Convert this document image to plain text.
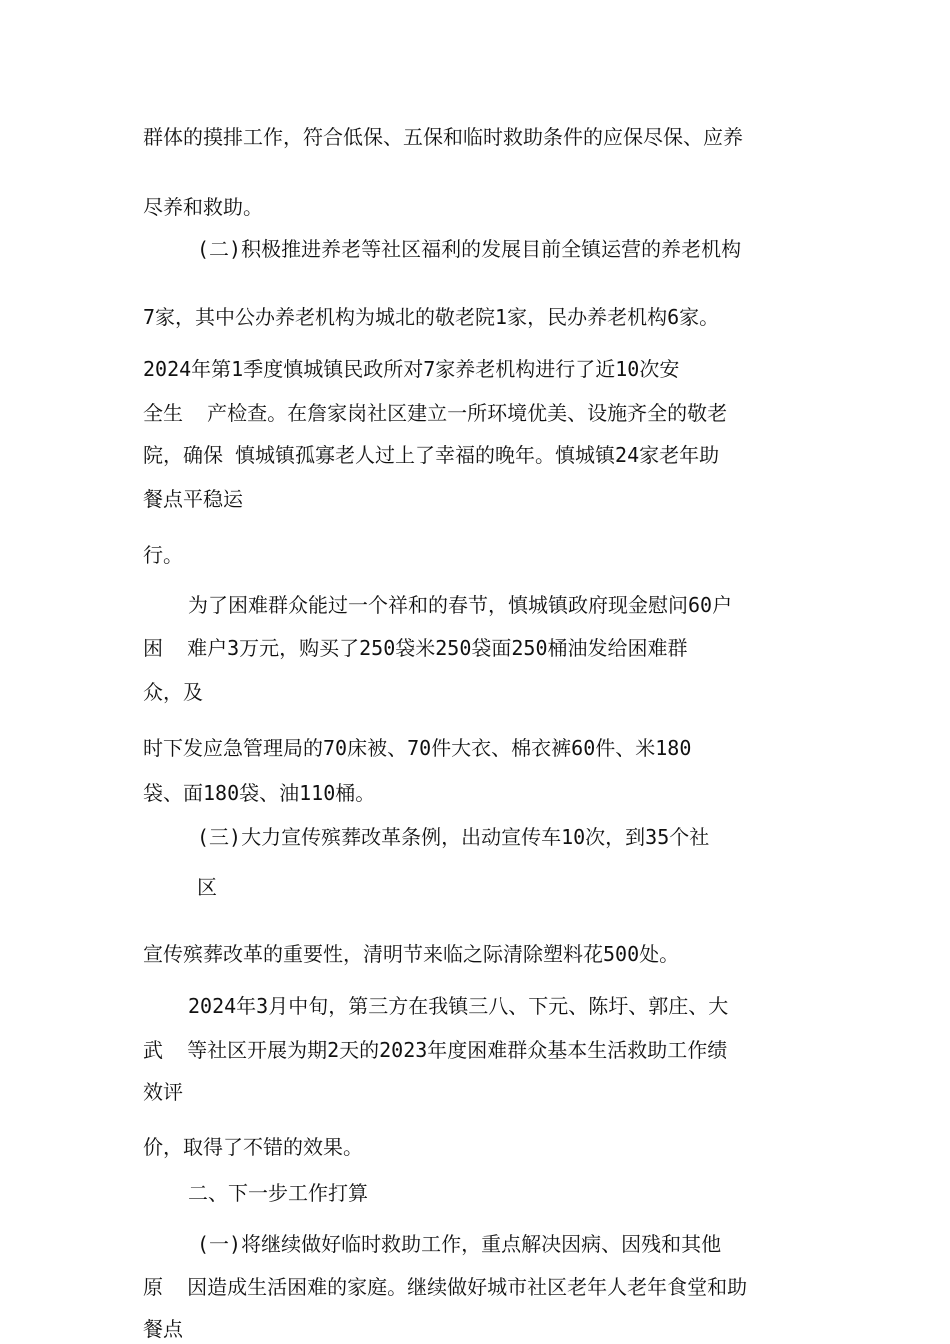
群体的摸排工作，符合低保、五保和临时救助条件的应保尽保、应养

尽养和救助。

(二)积极推进养老等社区福利的发展目前全镇运营的养老机构

7家，其中公办养老机构为城北的敬老院1家，民办养老机构6家。

2024年第1季度慎城镇民政所对7家养老机构进行了近10次安

全生  产检查。在詹家岗社区建立一所环境优美、设施齐全的敬老

院，确保 慎城镇孤寡老人过上了幸福的晚年。慎城镇24家老年助

餐点平稳运

行。

为了困难群众能过一个祥和的春节，慎城镇政府现金慰问60户

困  难户3万元，购买了250袋米250袋面250桶油发给困难群

众，及

时下发应急管理局的70床被、70件大衣、棉衣裤60件、米180

袋、面180袋、油110桶。

(三)大力宣传殡葬改革条例，出动宣传车10次，到35个社

区

宣传殡葬改革的重要性，清明节来临之际清除塑料花500处。

2024年3月中旬，第三方在我镇三八、下元、陈圩、郭庄、大

武  等社区开展为期2天的2023年度困难群众基本生活救助工作绩

效评

价，取得了不错的效果。

二、下一步工作打算

(一)将继续做好临时救助工作，重点解决因病、因残和其他

原  因造成生活困难的家庭。继续做好城市社区老年人老年食堂和助

餐点
